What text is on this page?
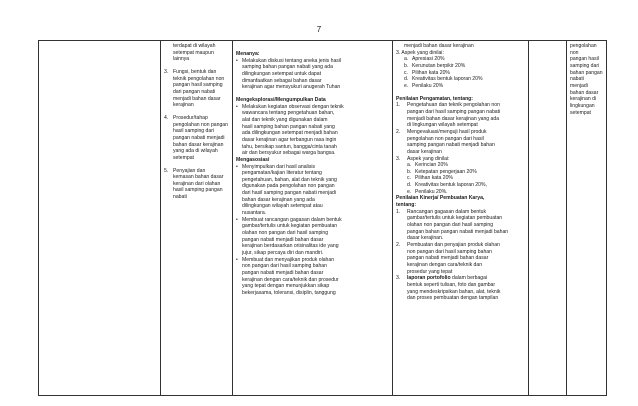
7

terdapat di wilayah
setempat maupun
lainnya
3. Fungsi, bentuk dan
teknik pengolahan non
pangan hasil samping
dari pangan nabati
menjadi bahan dasar
kerajinan
4. Prosedur/tahap
pengolahan non pangan
hasil samping dari
pangan nabati menjadi
bahan dasar kerajinan
yang ada di wilayah
setempat
5. Penyajian dan
kemasan bahan dasar
kerajinan dari olahan
hasil samping pangan
nabati

Menanya:
• Melakukan diskusi tentang aneka jenis hasil
samping bahan pangan nabati yang ada
dilingkungan setempat untuk dapat
dimanfaatkan sebagai bahan dasar
kerajinan agar mensyukuri anugerah Tuhan
Mengeksplorasi/Mengumpulkan Data
• Melakukan kegiatan observasi dengan teknik
wawancara tentang pengetahuan bahan,
alat dan teknik yang digunakan dalam
hasil samping bahan pangan nabati yang
ada dilingkungan setempat menjadi bahan
dasar kerajinan agar terbangun rasa ingin
tahu, bersikap santun, bangga/cinta tanah
air dan bersyukur sebagai warga bangsa.
Mengasosiasi
• Menyimpulkan dari hasil analisis
pengamatan/kajian literatur tentang
pengetahuan, bahan, alat dan teknik yang
digunakan pada pengolahan non pangan
dari hasil samping pangan nabati menjadi
bahan dasar kerajinan yang ada
dilingkungan wilayah setempat atau
nusantara.
• Membuat rancangan gagasan dalam bentuk
gambar/tertulis untuk kegiatan pembuatan
olahan non pangan dari hasil samping
pangan nabati menjadi bahan dasar
kerajinan berdasarkan orisinalitas ide yang
jujur, sikap percaya diri dan mandiri.
• Membuat dan menyajikan produk olahan
non pangan dari hasil samping bahan
pangan nabati menjadi bahan dasar
kerajinan dengan cara/teknik dan prosedur
yang tepat dengan menunjukkan sikap
bekerjasama, toleransi, disiplin, tanggung

menjadi bahan dasar kerajinan
3. Aspek yang dinilai:
a. Apresiasi 20%
b. Kerunutan berpikir 20%
c. Pilihan kata 20%
d. Kreativitas bentuk laporan 20%
e. Penilaku 20%
Penilaian Pengamatan, tentang:
1. Pengetahuan dan teknik pengolahan non
pangan dari hasil samping pangan nabati
menjadi bahan dasar kerajinan yang ada
di lingkungan wilayah setempat
2. Mengevaluasi/menguji hasil produk
pengolahan non pangan dari hasil
samping pangan nabati menjadi bahan
dasar kerajinan
3. Aspek yang dinilai:
a. Kerincian 20%
b. Ketepatan pengerjaan 20%
c. Pilihan kata 20%
d. Kreativitas bentuk laporan 20%,
e. Penilaku 20%.
Penilaian Kinerja/ Pembuatan Karya,
tentang:
1. Rancangan gagasan dalam bentuk
gambar/tertulis untuk kegiatan pembuatan
olahan non pangan dari hasil samping
pangan bahan pangan nabati menjadi bahan
dasar kerajinan.
2. Pembuatan dan penyajian produk olahan
non pangan dari hasil samping bahan
pangan nabati menjadi bahan dasar
kerajinan dengan cara/teknik dan
prosedur yang tepat
3. laporan portofolio dalam berbagai
bentuk seperti tulisan, foto dan gambar
yang mendeskripsikan bahan, alat, teknik
dan proses pembuatan dengan tampilan

pengolahan non
pangan hasil
samping dari
bahan pangan
nabati menjadi
bahan dasar
kerajinan di
lingkungan
setempat
